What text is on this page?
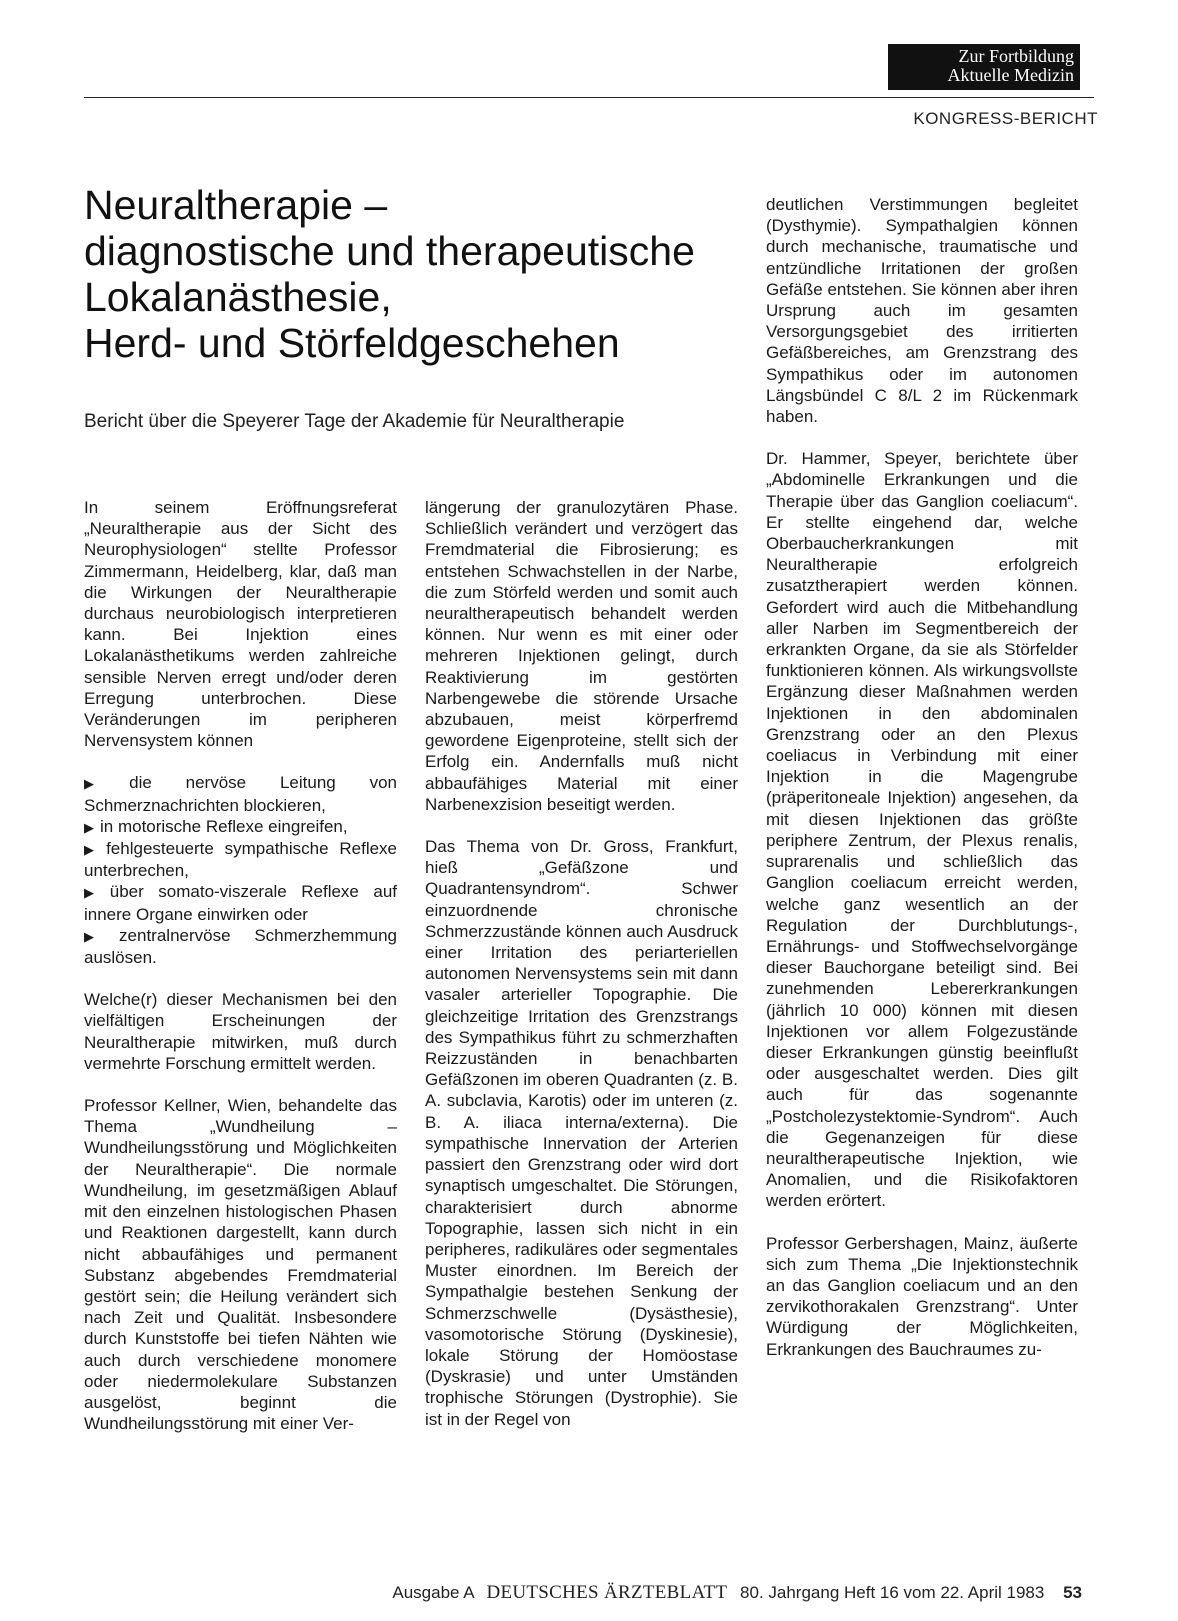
Zur Fortbildung
Aktuelle Medizin
KONGRESS-BERICHT
Neuraltherapie –
diagnostische und therapeutische
Lokalanästhesie,
Herd- und Störfeldgeschehen
Bericht über die Speyerer Tage der Akademie für Neuraltherapie

In seinem Eröffnungsreferat „Neuraltherapie aus der Sicht des Neurophysiologen“ stellte Professor Zimmermann, Heidelberg, klar, daß man die Wirkungen der Neuraltherapie durchaus neurobiologisch interpretieren kann. Bei Injektion eines Lokalanästhetikums werden zahlreiche sensible Nerven erregt und/oder deren Erregung unterbrochen. Diese Veränderungen im peripheren Nervensystem können

▶ die nervöse Leitung von Schmerznachrichten blockieren,
▶ in motorische Reflexe eingreifen,
▶ fehlgesteuerte sympathische Reflexe unterbrechen,
▶ über somato-viszerale Reflexe auf innere Organe einwirken oder
▶ zentralnervöse Schmerzhemmung auslösen.

Welche(r) dieser Mechanismen bei den vielfältigen Erscheinungen der Neuraltherapie mitwirken, muß durch vermehrte Forschung ermittelt werden.

Professor Kellner, Wien, behandelte das Thema „Wundheilung – Wundheilungsstörung und Möglichkeiten der Neuraltherapie“. Die normale Wundheilung, im gesetzmäßigen Ablauf mit den einzelnen histologischen Phasen und Reaktionen dargestellt, kann durch nicht abbaufähiges und permanent Substanz abgebendes Fremdmaterial gestört sein; die Heilung verändert sich nach Zeit und Qualität. Insbesondere durch Kunststoffe bei tiefen Nähten wie auch durch verschiedene monomere oder niedermolekulare Substanzen ausgelöst, beginnt die Wundheilungsstörung mit einer Ver-

längerung der granulozytären Phase. Schließlich verändert und verzögert das Fremdmaterial die Fibrosierung; es entstehen Schwachstellen in der Narbe, die zum Störfeld werden und somit auch neuraltherapeutisch behandelt werden können. Nur wenn es mit einer oder mehreren Injektionen gelingt, durch Reaktivierung im gestörten Narbengewebe die störende Ursache abzubauen, meist körperfremd gewordene Eigenproteine, stellt sich der Erfolg ein. Andernfalls muß nicht abbaufähiges Material mit einer Narbenexzision beseitigt werden.

Das Thema von Dr. Gross, Frankfurt, hieß „Gefäßzone und Quadrantensyndrom“. Schwer einzuordnende chronische Schmerzzustände können auch Ausdruck einer Irritation des periarteriellen autonomen Nervensystems sein mit dann vasaler arterieller Topographie. Die gleichzeitige Irritation des Grenzstrangs des Sympathikus führt zu schmerzhaften Reizzuständen in benachbarten Gefäßzonen im oberen Quadranten (z. B. A. subclavia, Karotis) oder im unteren (z. B. A. iliaca interna/externa). Die sympathische Innervation der Arterien passiert den Grenzstrang oder wird dort synaptisch umgeschaltet. Die Störungen, charakterisiert durch abnorme Topographie, lassen sich nicht in ein peripheres, radikuläres oder segmentales Muster einordnen. Im Bereich der Sympathalgie bestehen Senkung der Schmerzschwelle (Dysästhesie), vasomotorische Störung (Dyskinesie), lokale Störung der Homöostase (Dyskrasie) und unter Umständen trophische Störungen (Dystrophie). Sie ist in der Regel von

deutlichen Verstimmungen begleitet (Dysthymie). Sympathalgien können durch mechanische, traumatische und entzündliche Irritationen der großen Gefäße entstehen. Sie können aber ihren Ursprung auch im gesamten Versorgungsgebiet des irritierten Gefäßbereiches, am Grenzstrang des Sympathikus oder im autonomen Längsbündel C 8/L 2 im Rückenmark haben.

Dr. Hammer, Speyer, berichtete über „Abdominelle Erkrankungen und die Therapie über das Ganglion coeliacum“. Er stellte eingehend dar, welche Oberbaucherkrankungen mit Neuraltherapie erfolgreich zusatztherapiert werden können. Gefordert wird auch die Mitbehandlung aller Narben im Segmentbereich der erkrankten Organe, da sie als Störfelder funktionieren können. Als wirkungsvollste Ergänzung dieser Maßnahmen werden Injektionen in den abdominalen Grenzstrang oder an den Plexus coeliacus in Verbindung mit einer Injektion in die Magengrube (präperitoneale Injektion) angesehen, da mit diesen Injektionen das größte periphere Zentrum, der Plexus renalis, suprarenalis und schließlich das Ganglion coeliacum erreicht werden, welche ganz wesentlich an der Regulation der Durchblutungs-, Ernährungs- und Stoffwechselvorgänge dieser Bauchorgane beteiligt sind. Bei zunehmenden Lebererkrankungen (jährlich 10 000) können mit diesen Injektionen vor allem Folgezustände dieser Erkrankungen günstig beeinflußt oder ausgeschaltet werden. Dies gilt auch für das sogenannte „Postcholezystektomie-Syndrom“. Auch die Gegenanzeigen für diese neuraltherapeutische Injektion, wie Anomalien, und die Risikofaktoren werden erörtert.

Professor Gerbershagen, Mainz, äußerte sich zum Thema „Die Injektionstechnik an das Ganglion coeliacum und an den zervikothorakalen Grenzstrang“. Unter Würdigung der Möglichkeiten, Erkrankungen des Bauchraumes zu-

Ausgabe A DEUTSCHES ÄRZTEBLATT 80. Jahrgang Heft 16 vom 22. April 1983 53
